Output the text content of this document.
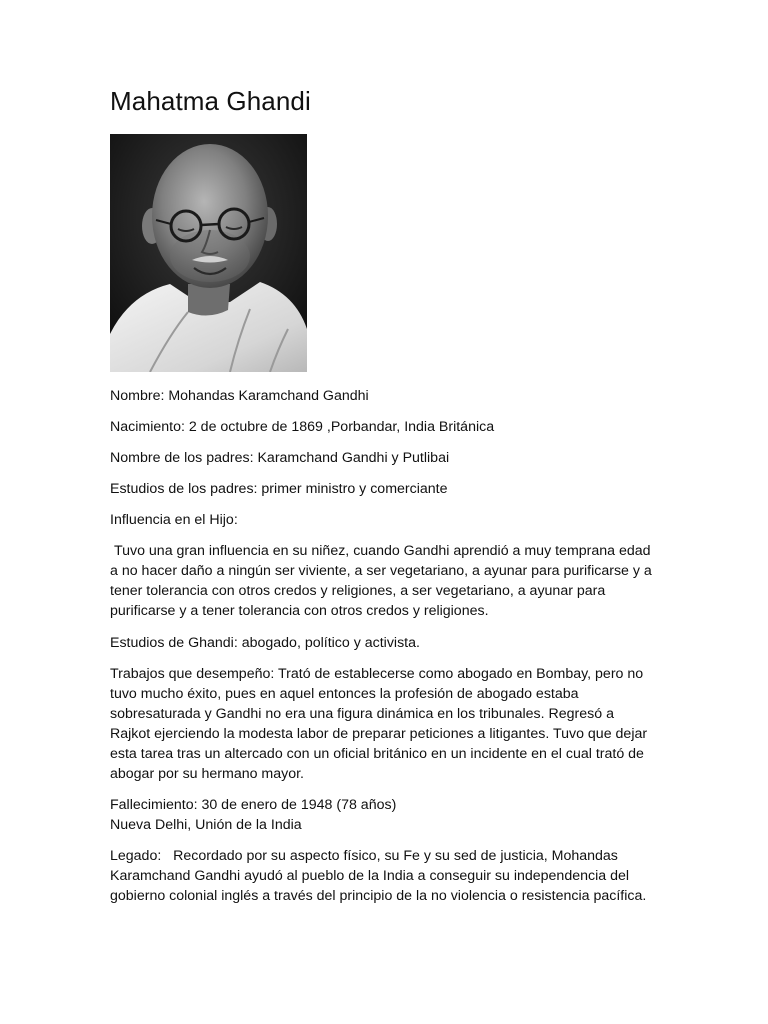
Mahatma Ghandi

Nombre: Mohandas Karamchand Gandhi

Nacimiento: 2 de octubre de 1869 ,Porbandar, India Británica

Nombre de los padres: Karamchand Gandhi y Putlibai

Estudios de los padres: primer ministro y comerciante

Influencia en el Hijo:

Tuvo una gran influencia en su niñez, cuando Gandhi aprendió a muy temprana edad a no hacer daño a ningún ser viviente, a ser vegetariano, a ayunar para purificarse y a tener tolerancia con otros credos y religiones, a ser vegetariano, a ayunar para purificarse y a tener tolerancia con otros credos y religiones.

Estudios de Ghandi: abogado, político y activista.

Trabajos que desempeño: Trató de establecerse como abogado en Bombay, pero no tuvo mucho éxito, pues en aquel entonces la profesión de abogado estaba sobresaturada y Gandhi no era una figura dinámica en los tribunales. Regresó a Rajkot ejerciendo la modesta labor de preparar peticiones a litigantes. Tuvo que dejar esta tarea tras un altercado con un oficial británico en un incidente en el cual trató de abogar por su hermano mayor.

Fallecimiento: 30 de enero de 1948 (78 años)
Nueva Delhi, Unión de la India

Legado:   Recordado por su aspecto físico, su Fe y su sed de justicia, Mohandas Karamchand Gandhi ayudó al pueblo de la India a conseguir su independencia del gobierno colonial inglés a través del principio de la no violencia o resistencia pacífica.
